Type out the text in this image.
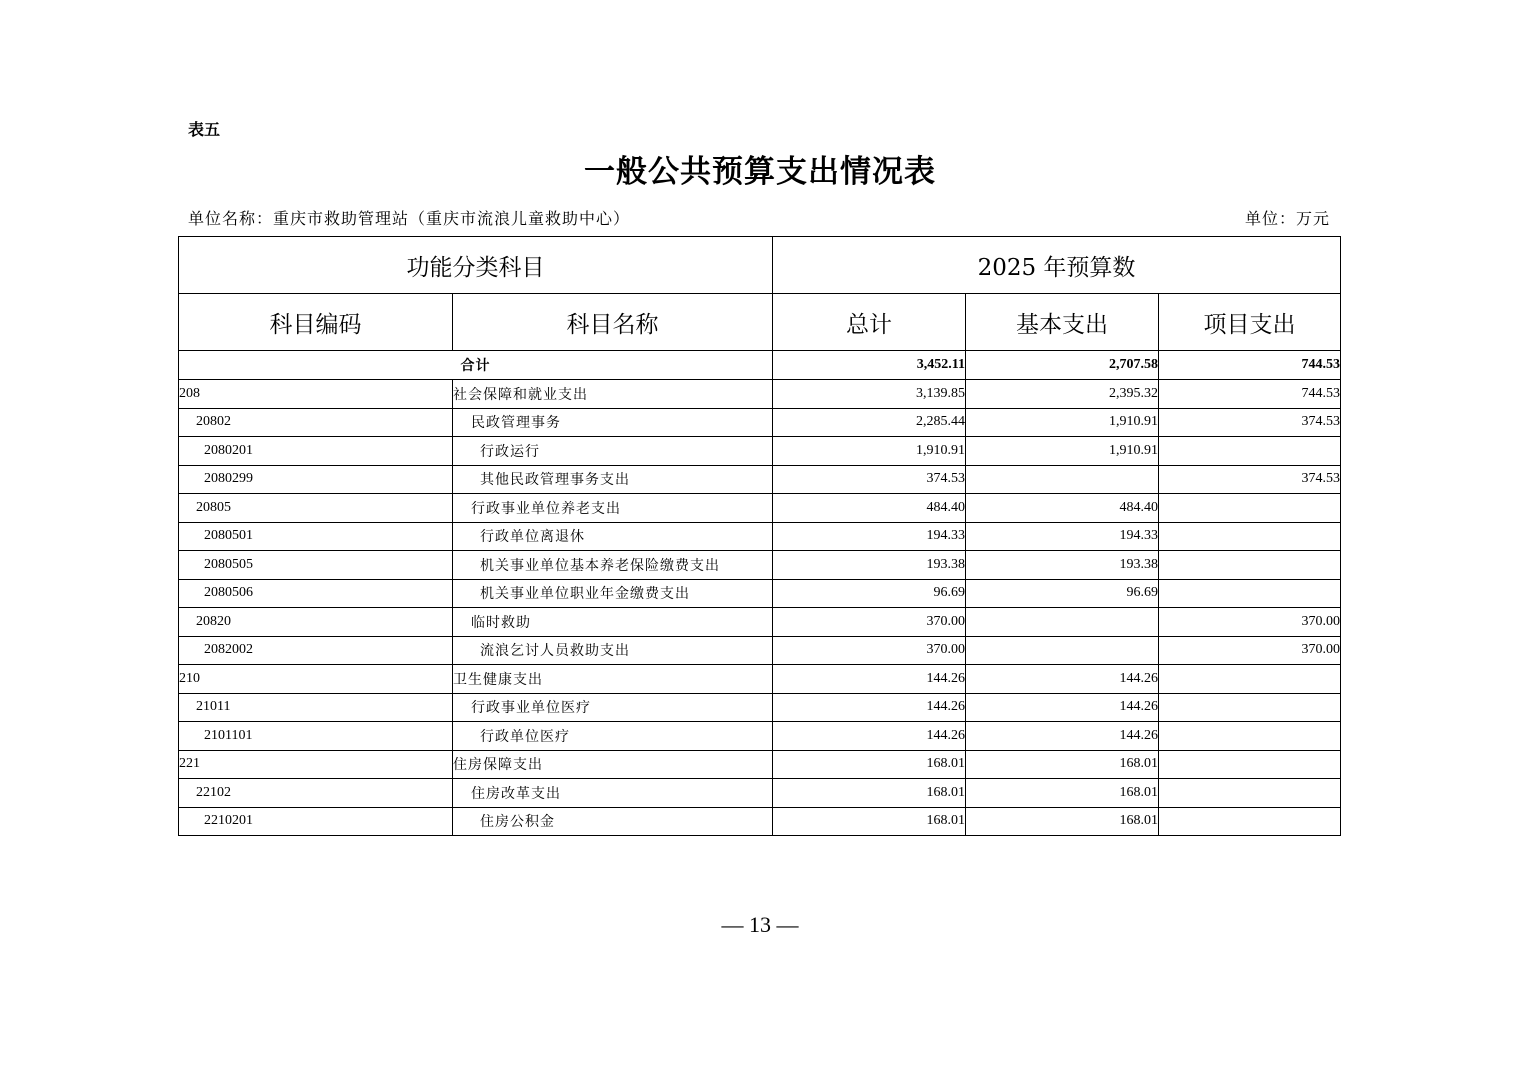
表五
一般公共预算支出情况表
单位名称：重庆市救助管理站（重庆市流浪儿童救助中心）	单位：万元
功能分类科目		2025 年预算数		
科目编码	科目名称	总计	基本支出	项目支出
合计		3,452.11	2,707.58	744.53
208	社会保障和就业支出	3,139.85	2,395.32	744.53
20802	民政管理事务	2,285.44	1,910.91	374.53
2080201	行政运行	1,910.91	1,910.91	
2080299	其他民政管理事务支出	374.53		374.53
20805	行政事业单位养老支出	484.40	484.40	
2080501	行政单位离退休	194.33	194.33	
2080505	机关事业单位基本养老保险缴费支出	193.38	193.38	
2080506	机关事业单位职业年金缴费支出	96.69	96.69	
20820	临时救助	370.00		370.00
2082002	流浪乞讨人员救助支出	370.00		370.00
210	卫生健康支出	144.26	144.26	
21011	行政事业单位医疗	144.26	144.26	
2101101	行政单位医疗	144.26	144.26	
221	住房保障支出	168.01	168.01	
22102	住房改革支出	168.01	168.01	
2210201	住房公积金	168.01	168.01	
— 13 —
